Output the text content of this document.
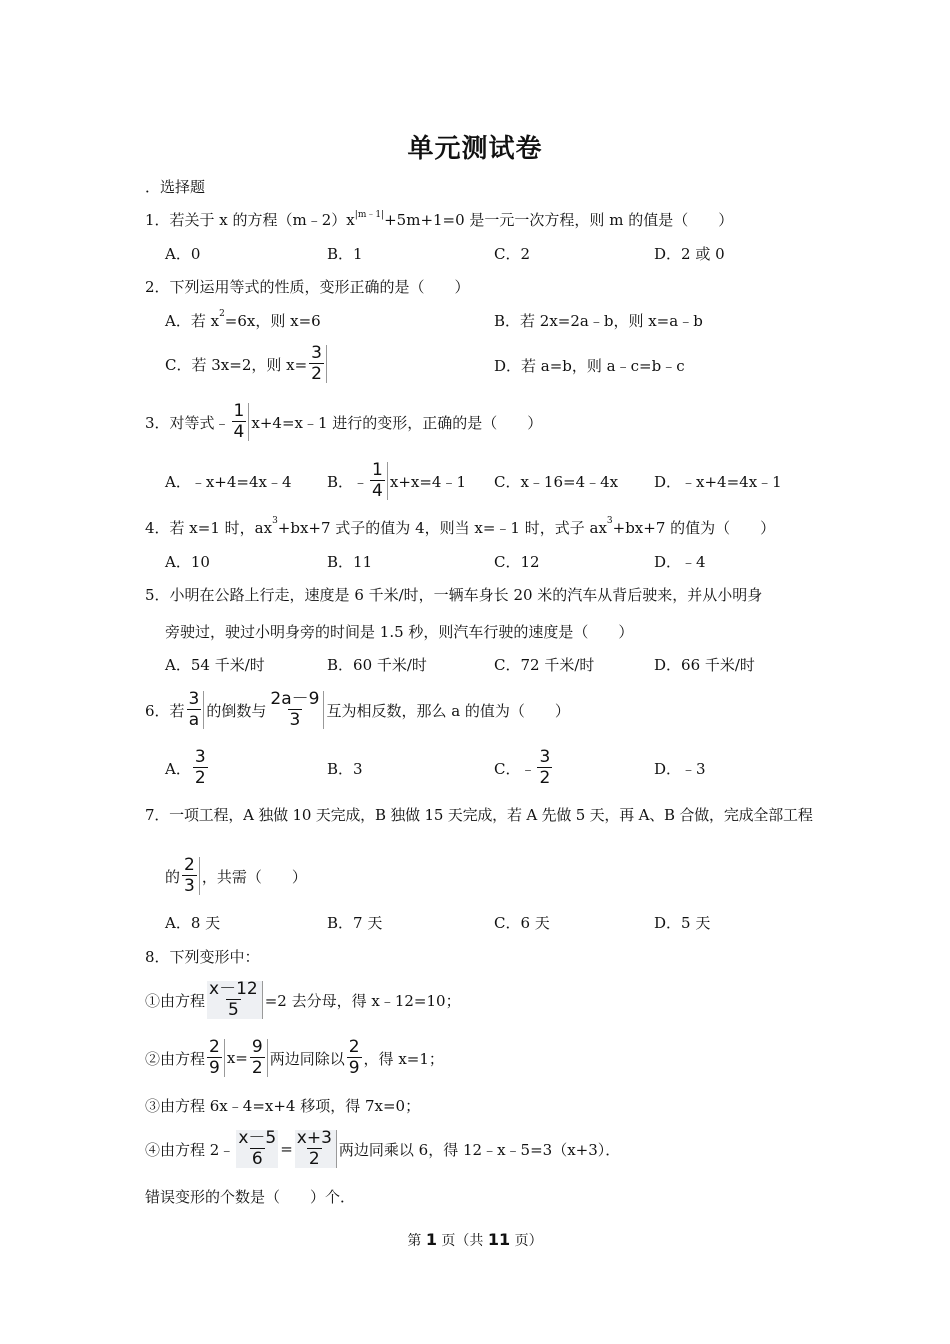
单元测试卷
．选择题
1．若关于 x 的方程$(m﹣2)x^{|m﹣1|} +5m+1=0$ 是一元一次方程，则 m 的值是（　　）
A．0	B．1	C．2	D．2 或 0
2．下列运用等式的性质，变形正确的是（　　）
A．若 $x^2 =6x$，则 x=6	B．若 2x=2a﹣b，则 x=a﹣b
C．若 3x=2，则 $x= \frac{3}{2}$	D．若 a=b，则 a﹣c=b﹣c
3．对等式﹣ $\frac{1}{4}$ x+4=x﹣1 进行的变形，正确的是（　　）
A．﹣x+4=4x﹣4 B．﹣ $\frac{1}{4}$ x+x=4﹣1 C．x﹣16=4﹣4x D．﹣x+4=4x﹣1
4．若 x=1 时，$ax^3 +bx+7$ 式子的值为 4，则当 x=﹣1 时，式子 $ax^3 +bx+7$ 的值为（　　）
A．10	B．11	C．12	D．﹣4
5．小明在公路上行走，速度是 6 千米/时，一辆车身长 20 米的汽车从背后驶来，并从小明身
旁驶过，驶过小明身旁的时间是 1.5 秒，则汽车行驶的速度是（　　）
A．54 千米/时	B．60 千米/时	C．72 千米/时	D．66 千米/时
6．若 $\frac{3}{a}$ 的倒数与 $\frac{2a-9}{3}$ 互为相反数，那么 a 的值为（　　）
A． $\frac{3}{2}$	B．3	C．﹣ $\frac{3}{2}$	D．﹣3
7．一项工程，A 独做 10 天完成，B 独做 15 天完成，若 A 先做 5 天，再 A、B 合做，完成全部工程
的 $\frac{2}{3}$ ，共需（　　）
A．8 天	B．7 天	C．6 天	D．5 天
8．下列变形中：
①由方程 $\frac{x-12}{5} =2$ 去分母，得 x﹣12=10；
②由方程 $\frac{2}{9} x= \frac{9}{2}$ 两边同除以 $\frac{2}{9}$ ，得 x=1；
③由方程 6x﹣4=x+4 移项，得 7x=0；
④由方程 2﹣ $\frac{x-5}{6} = \frac{x+3}{2}$ 两边同乘以 6，得 12﹣x﹣5=3（x+3）．
错误变形的个数是（　　）个．
第 1 页（共 11 页）
